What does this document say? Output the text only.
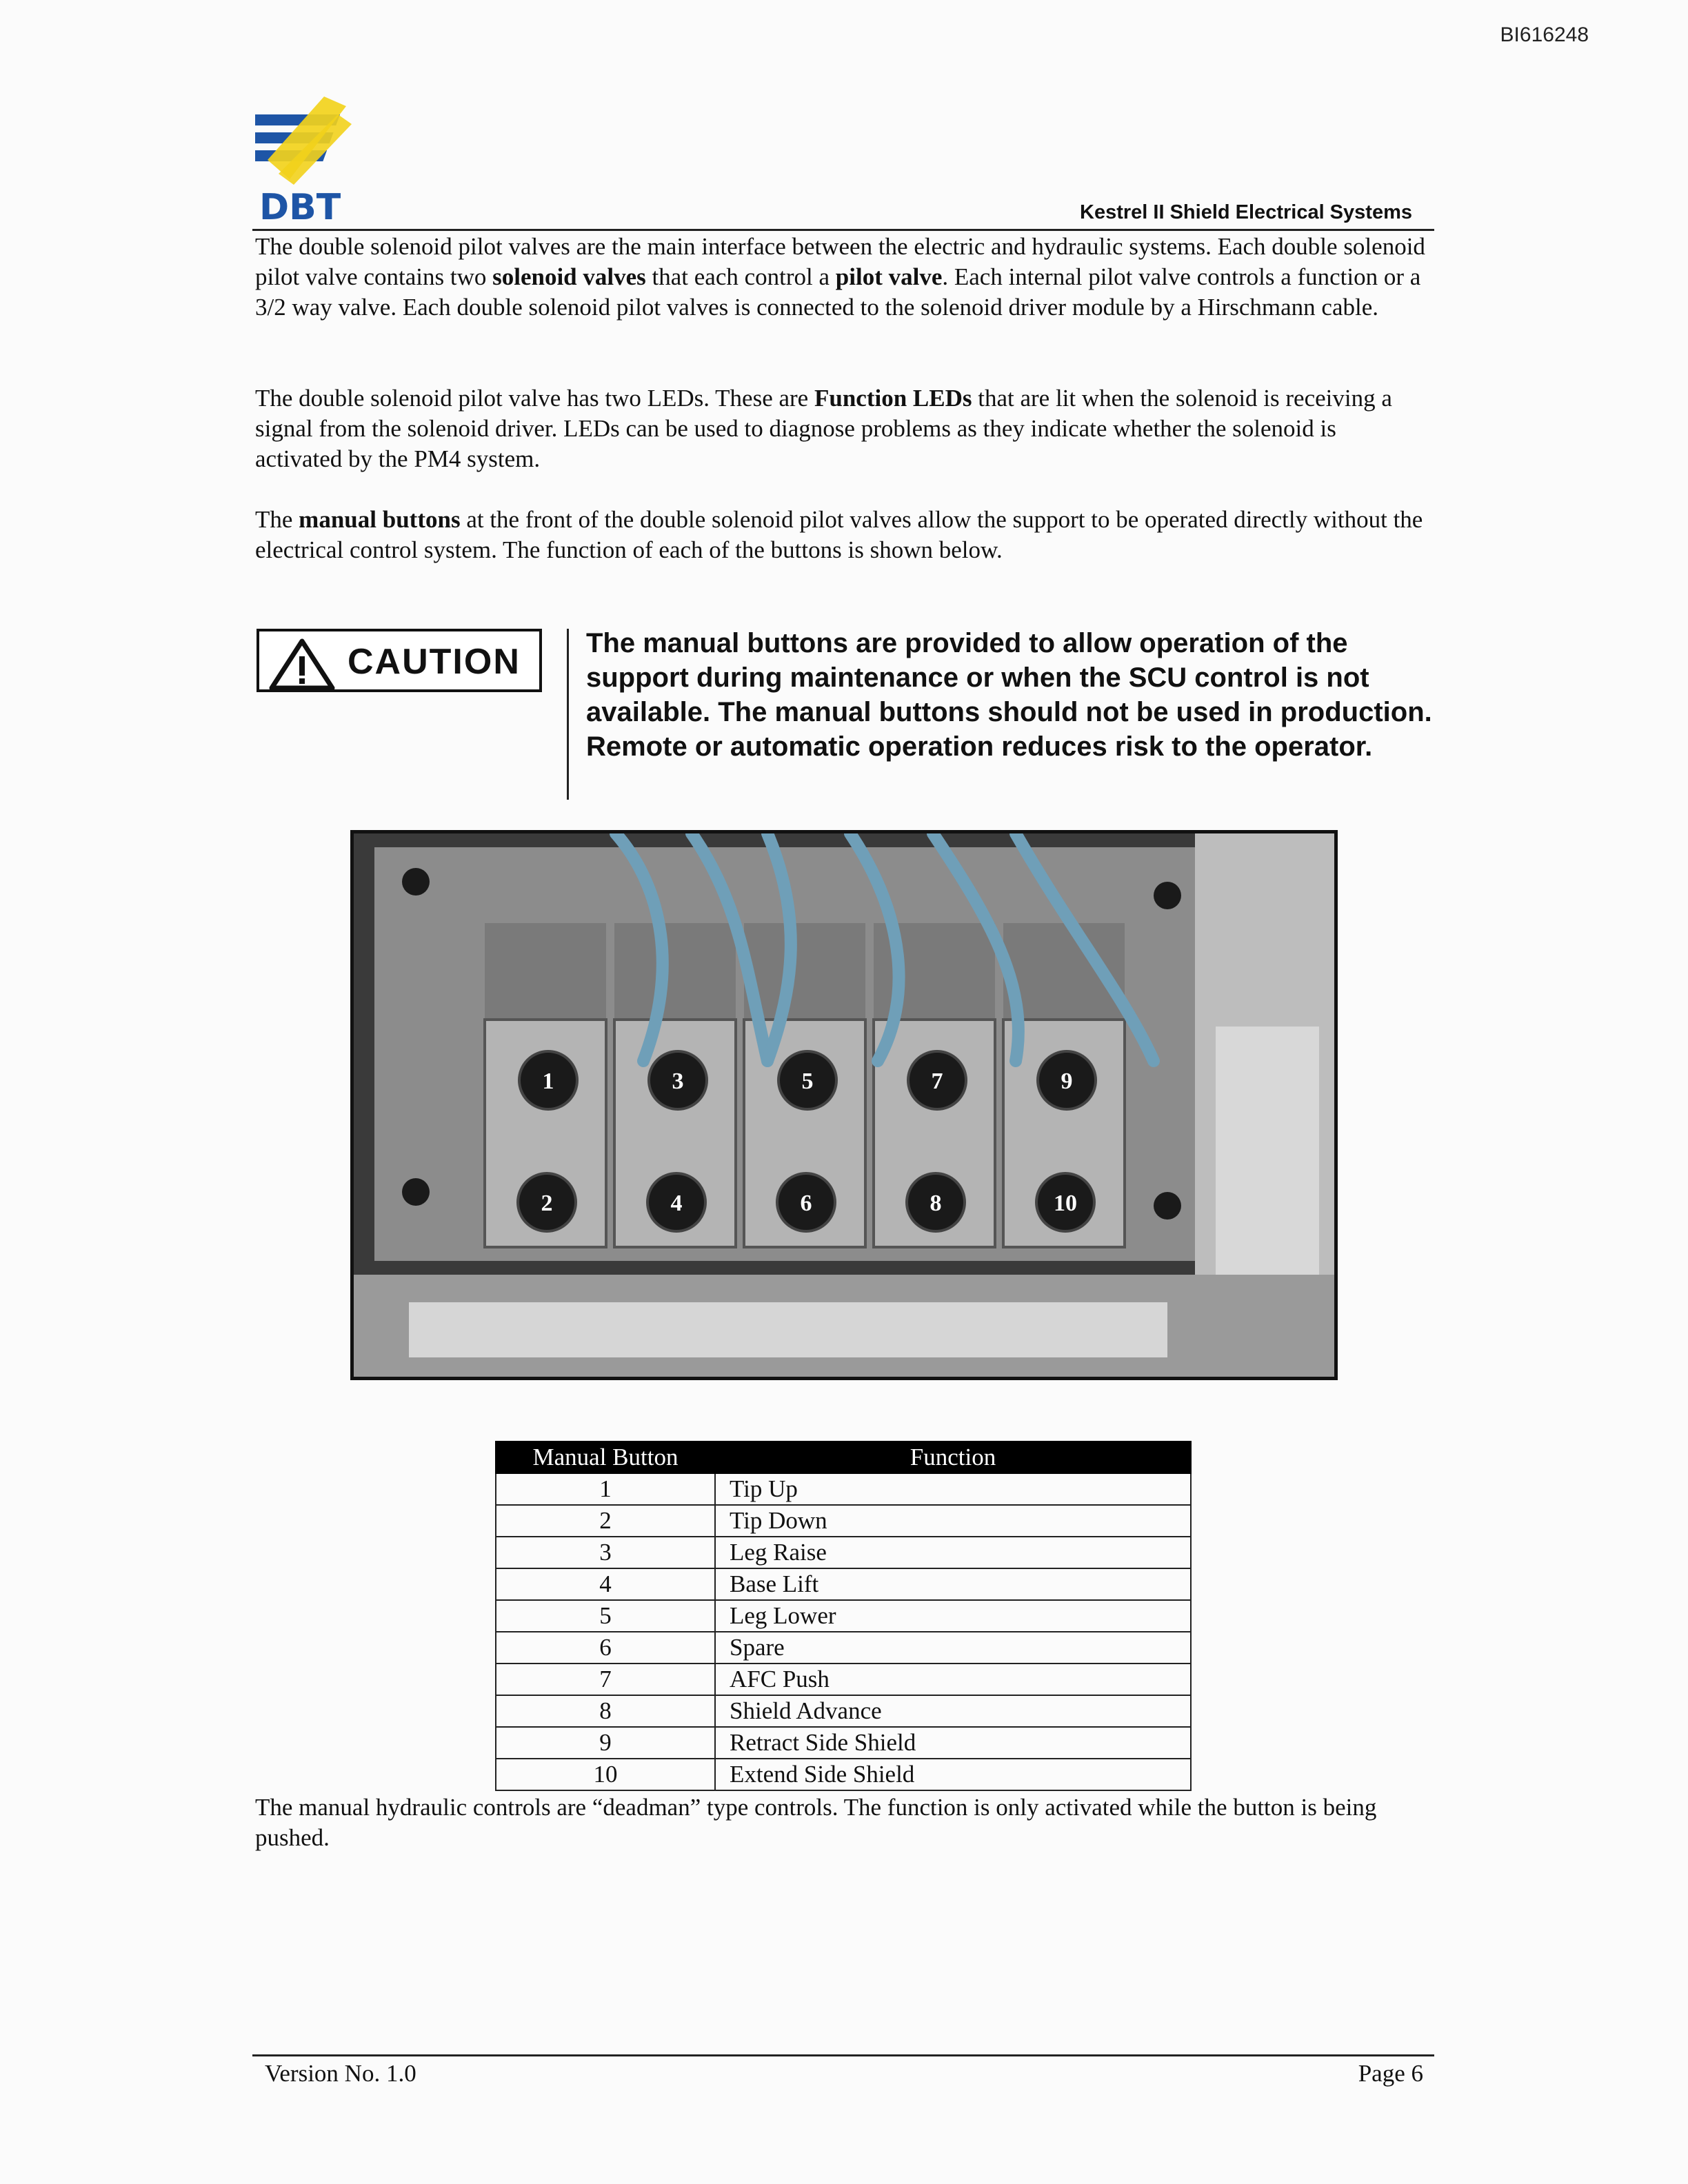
BI616248
DBT	Kestrel II Shield Electrical Systems
The double solenoid pilot valves are the main interface between the electric and hydraulic systems. Each double solenoid pilot valve contains two solenoid valves that each control a pilot valve. Each internal pilot valve controls a function or a 3/2 way valve. Each double solenoid pilot valves is connected to the solenoid driver module by a Hirschmann cable.
The double solenoid pilot valve has two LEDs. These are Function LEDs that are lit when the solenoid is receiving a signal from the solenoid driver. LEDs can be used to diagnose problems as they indicate whether the solenoid is activated by the PM4 system.
The manual buttons at the front of the double solenoid pilot valves allow the support to be operated directly without the electrical control system. The function of each of the buttons is shown below.
CAUTION The manual buttons are provided to allow operation of the support during maintenance or when the SCU control is not available. The manual buttons should not be used in production. Remote or automatic operation reduces risk to the operator.
1
2
3
4
5
6
7
8
9
10
Manual Button	Function
1	Tip Up
2	Tip Down
3	Leg Raise
4	Base Lift
5	Leg Lower
6	Spare
7	AFC Push
8	Shield Advance
9	Retract Side Shield
10	Extend Side Shield
The manual hydraulic controls are “deadman” type controls. The function is only activated while the button is being pushed.
Version No. 1.0	Page 6
